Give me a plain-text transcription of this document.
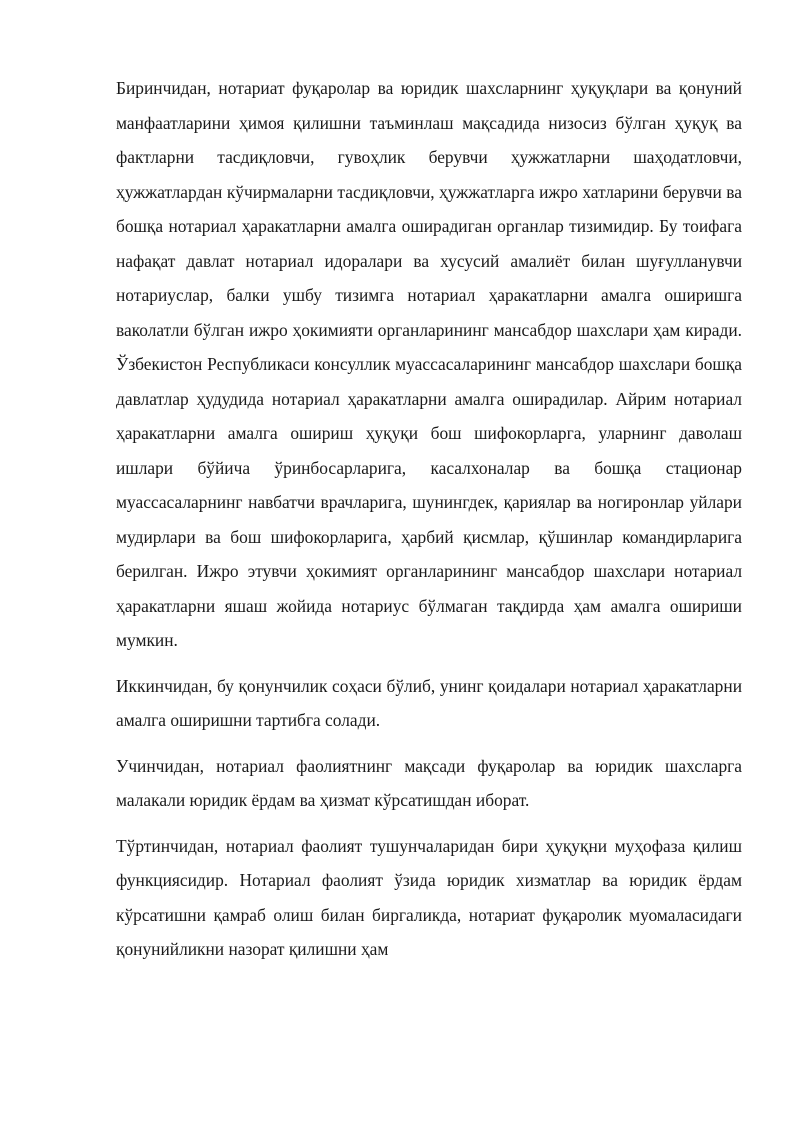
Биринчидан, нотариат фуқаролар ва юридик шахсларнинг ҳуқуқлари ва қонуний манфаатларини ҳимоя қилишни таъминлаш мақсадида низосиз бўлган ҳуқуқ ва фактларни тасдиқловчи, гувоҳлик берувчи ҳужжатларни шаҳодатловчи, ҳужжатлардан кўчирмаларни тасдиқловчи, ҳужжатларга ижро хатларини берувчи ва бошқа нотариал ҳаракатларни амалга оширадиган органлар тизимидир. Бу тоифага нафақат давлат нотариал идоралари ва хусусий амалиёт билан шуғулланувчи нотариуслар, балки ушбу тизимга нотариал ҳаракатларни амалга оширишга ваколатли бўлган ижро ҳокимияти органларининг мансабдор шахслари ҳам киради. Ўзбекистон Республикаси консуллик муассасаларининг мансабдор шахслари бошқа давлатлар ҳудудида нотариал ҳаракатларни амалга оширадилар. Айрим нотариал ҳаракатларни амалга ошириш ҳуқуқи бош шифокорларга, уларнинг даволаш ишлари бўйича ўринбосарларига, касалхоналар ва бошқа стационар муассасаларнинг навбатчи врачларига, шунингдек, қариялар ва ногиронлар уйлари мудирлари ва бош шифокорларига, ҳарбий қисмлар, қўшинлар командирларига берилган. Ижро этувчи ҳокимият органларининг мансабдор шахслари нотариал ҳаракатларни яшаш жойида нотариус бўлмаган тақдирда ҳам амалга ошириши мумкин.

Иккинчидан, бу қонунчилик соҳаси бўлиб, унинг қоидалари нотариал ҳаракатларни амалга оширишни тартибга солади.

Учинчидан, нотариал фаолиятнинг мақсади фуқаролар ва юридик шахсларга малакали юридик ёрдам ва ҳизмат кўрсатишдан иборат.

Тўртинчидан, нотариал фаолият тушунчаларидан бири ҳуқуқни муҳофаза қилиш функциясидир. Нотариал фаолият ўзида юридик хизматлар ва юридик ёрдам кўрсатишни қамраб олиш билан биргаликда, нотариат фуқаролик муомаласидаги қонунийликни назорат қилишни ҳам
